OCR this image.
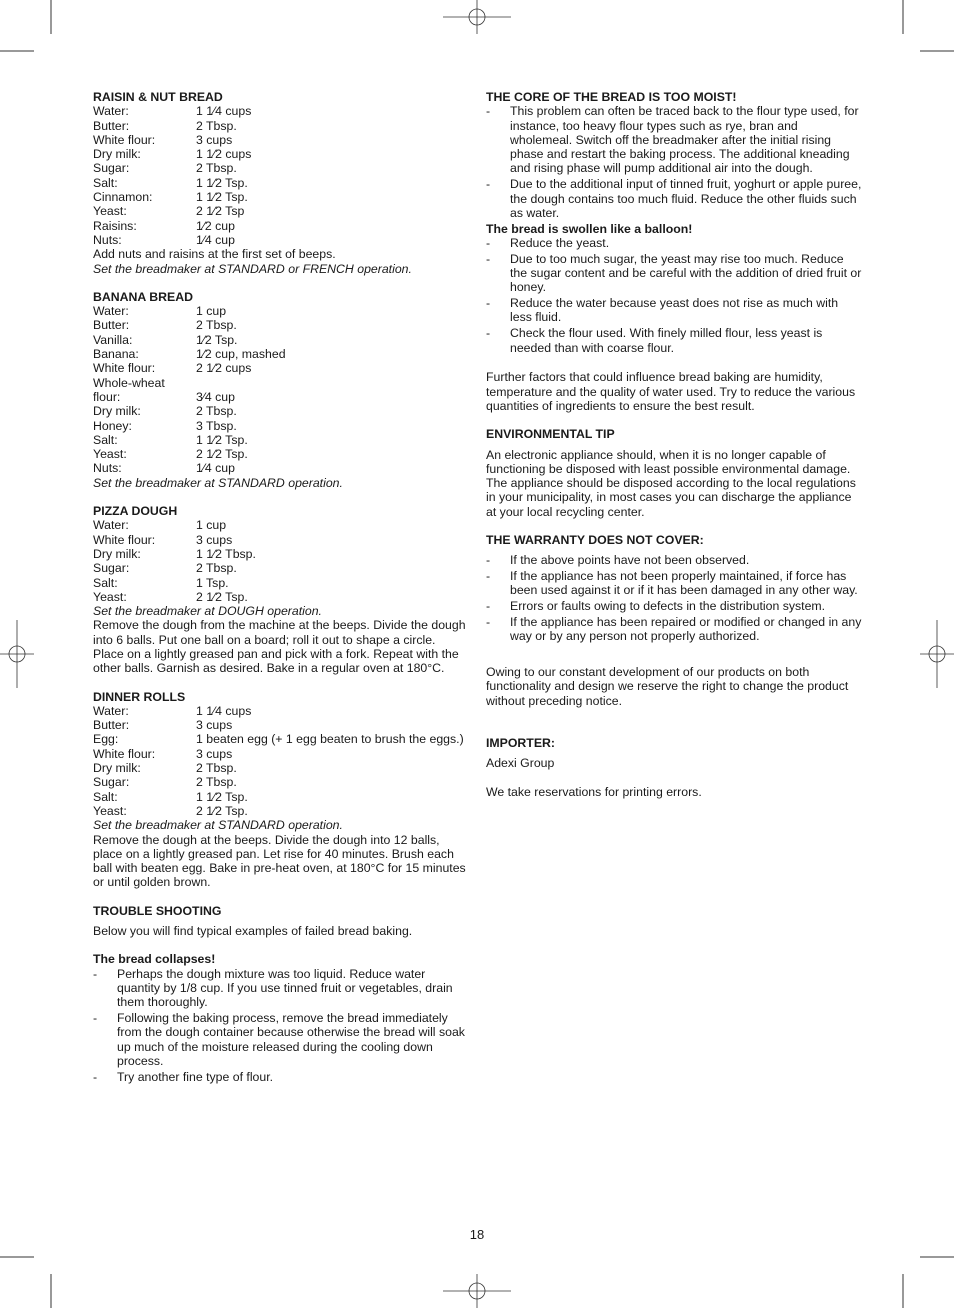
RAISIN & NUT BREAD
Water:	1 1⁄4 cups
Butter:	2 Tbsp.
White flour:	3 cups
Dry milk:	1 1⁄2 cups
Sugar:	2 Tbsp.
Salt:	1 1⁄2 Tsp.
Cinnamon:	1 1⁄2 Tsp.
Yeast:	2 1⁄2 Tsp
Raisins:	1⁄2 cup
Nuts:	1⁄4 cup
Add nuts and raisins at the first set of beeps.
Set the breadmaker at STANDARD or FRENCH operation.
BANANA BREAD
Water:	1 cup
Butter:	2 Tbsp.
Vanilla:	1⁄2 Tsp.
Banana:	1⁄2 cup, mashed
White flour:	2 1⁄2 cups
Whole-wheat
flour:	3⁄4 cup
Dry milk:	2 Tbsp.
Honey:	3 Tbsp.
Salt:	1 1⁄2 Tsp.
Yeast:	2 1⁄2 Tsp.
Nuts:	1⁄4 cup
Set the breadmaker at STANDARD operation.
PIZZA DOUGH
Water:	1 cup
White flour:	3 cups
Dry milk:	1 1⁄2 Tbsp.
Sugar:	2 Tbsp.
Salt:	1 Tsp.
Yeast:	2 1⁄2 Tsp.
Set the breadmaker at DOUGH operation.
Remove the dough from the machine at the beeps. Divide the dough into 6 balls. Put one ball on a board; roll it out to shape a circle. Place on a lightly greased pan and pick with a fork. Repeat with the other balls. Garnish as desired. Bake in a regular oven at 180°C.
DINNER ROLLS
Water:	1 1⁄4 cups
Butter:	3 cups
Egg:	1 beaten egg (+ 1 egg beaten to brush the eggs.)
White flour:	3 cups
Dry milk:	2 Tbsp.
Sugar:	2 Tbsp.
Salt:	1 1⁄2 Tsp.
Yeast:	2 1⁄2 Tsp.
Set the breadmaker at STANDARD operation.
Remove the dough at the beeps. Divide the dough into 12 balls, place on a lightly greased pan. Let rise for 40 minutes. Brush each ball with beaten egg. Bake in pre-heat oven, at 180°C for 15 minutes or until golden brown.
TROUBLE SHOOTING
Below you will find typical examples of failed bread baking.
The bread collapses!
-	Perhaps the dough mixture was too liquid. Reduce water quantity by 1/8 cup. If you use tinned fruit or vegetables, drain them thoroughly.
-	Following the baking process, remove the bread immediately from the dough container because otherwise the bread will soak up much of the moisture released during the cooling down process.
-	Try another fine type of flour.
THE CORE OF THE BREAD IS TOO MOIST!
-	This problem can often be traced back to the flour type used, for instance, too heavy flour types such as rye, bran and wholemeal. Switch off the breadmaker after the initial rising phase and restart the baking process. The additional kneading and rising phase will pump additional air into the dough.
-	Due to the additional input of tinned fruit, yoghurt or apple puree, the dough contains too much fluid. Reduce the other fluids such as water.
The bread is swollen like a balloon!
-	Reduce the yeast.
-	Due to too much sugar, the yeast may rise too much. Reduce the sugar content and be careful with the addition of dried fruit or honey.
-	Reduce the water because yeast does not rise as much with less fluid.
-	Check the flour used. With finely milled flour, less yeast is needed than with coarse flour.
Further factors that could influence bread baking are humidity, temperature and the quality of water used. Try to reduce the various quantities of ingredients to ensure the best result.
ENVIRONMENTAL TIP
An electronic appliance should, when it is no longer capable of functioning be disposed with least possible environmental damage. The appliance should be disposed according to the local regulations in your municipality, in most cases you can discharge the appliance at your local recycling center.
THE WARRANTY DOES NOT COVER:
-	If the above points have not been observed.
-	If the appliance has not been properly maintained, if force has been used against it or if it has been damaged in any other way.
-	Errors or faults owing to defects in the distribution system.
-	If the appliance has been repaired or modified or changed in any way or by any person not properly authorized.
Owing to our constant development of our products on both functionality and design we reserve the right to change the product without preceding notice.
IMPORTER:
Adexi Group
We take reservations for printing errors.
18
